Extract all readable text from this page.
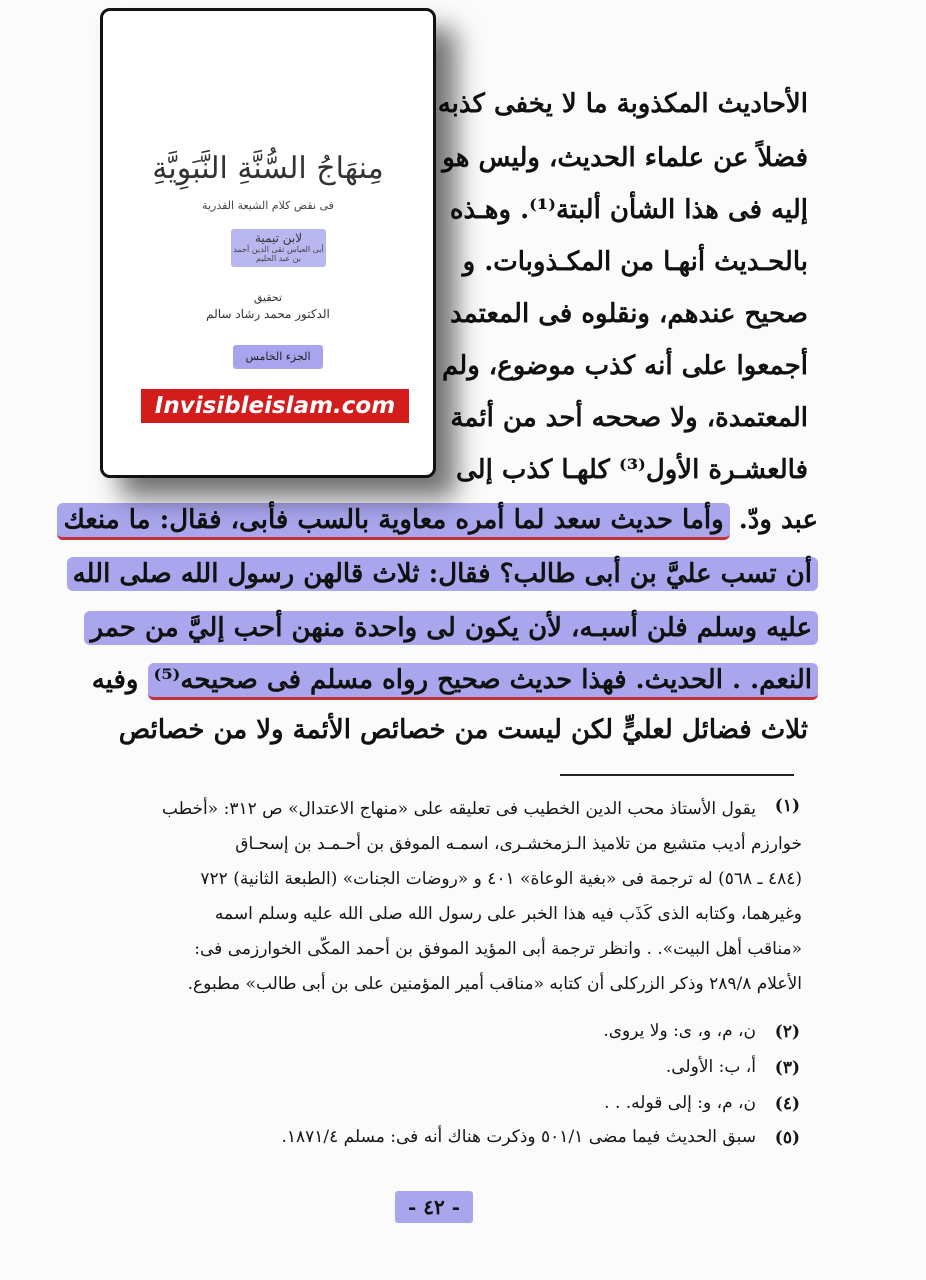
الأحاديث المكذوبة ما لا يخفى كذبه
فضلاً عن علماء الحديث، وليس هو
إليه فى هذا الشأن ألبتة⁽¹⁾. وهـذه
بالحـديث أنهـا من المكـذوبات. و
صحيح عندهم، ونقلوه فى المعتمد
أجمعوا على أنه كذب موضوع، ولم
المعتمدة، ولا صححه أحد من أئمة
فالعشـرة الأول⁽³⁾ كلهـا كذب إلى
عبد ودّ. وأما حديث سعد لما أمره معاوية بالسب فأبى، فقال: ما منعك
أن تسب عليَّ بن أبى طالب؟ فقال: ثلاث قالهن رسول الله صلى الله
عليه وسلم فلن أسبـه، لأن يكون لى واحدة منهن أحب إليَّ من حمر
النعم. . الحديث. فهذا حديث صحيح رواه مسلم فى صحيحه⁽⁵⁾ وفيه
ثلاث فضائل لعليٍّ لكن ليست من خصائص الأئمة ولا من خصائص
(١)
يقول الأستاذ محب الدين الخطيب فى تعليقه على «منهاج الاعتدال» ص ٣١٢: «أخطب
خوارزم أديب متشيع من تلاميذ الـزمخشـرى، اسمـه الموفق بن أحـمـد بن إسحـاق
(٤٨٤ ـ ٥٦٨) له ترجمة فى «بغية الوعاة» ٤٠١ و «روضات الجنات» (الطبعة الثانية) ٧٢٢
وغيرهما، وكتابه الذى كَذَب فيه هذا الخبر على رسول الله صلى الله عليه وسلم اسمه
«مناقب أهل البيت». . وانظر ترجمة أبى المؤيد الموفق بن أحمد المكّى الخوارزمى فى:
الأعلام ٢٨٩/٨ وذكر الزركلى أن كتابه «مناقب أمير المؤمنين على بن أبى طالب» مطبوع.
(٢)
ن، م، و، ى: ولا يروى.
(٣)
أ، ب: الأولى.
(٤)
ن، م، و: إلى قوله. . .
(٥)
سبق الحديث فيما مضى ٥٠١/١ وذكرت هناك أنه فى: مسلم ١٨٧١/٤.
- ٤٢ -
مِنهَاجُ السُّنَّةِ النَّبَوِيَّةِ
فى نقض كلام الشيعة القدرية
لابن تيمية
أبى العباس تقى الدين أحمد بن عبد الحليم
تحقيق
الدكتور محمد رشاد سالم
الجزء الخامس
Invisibleislam.com
